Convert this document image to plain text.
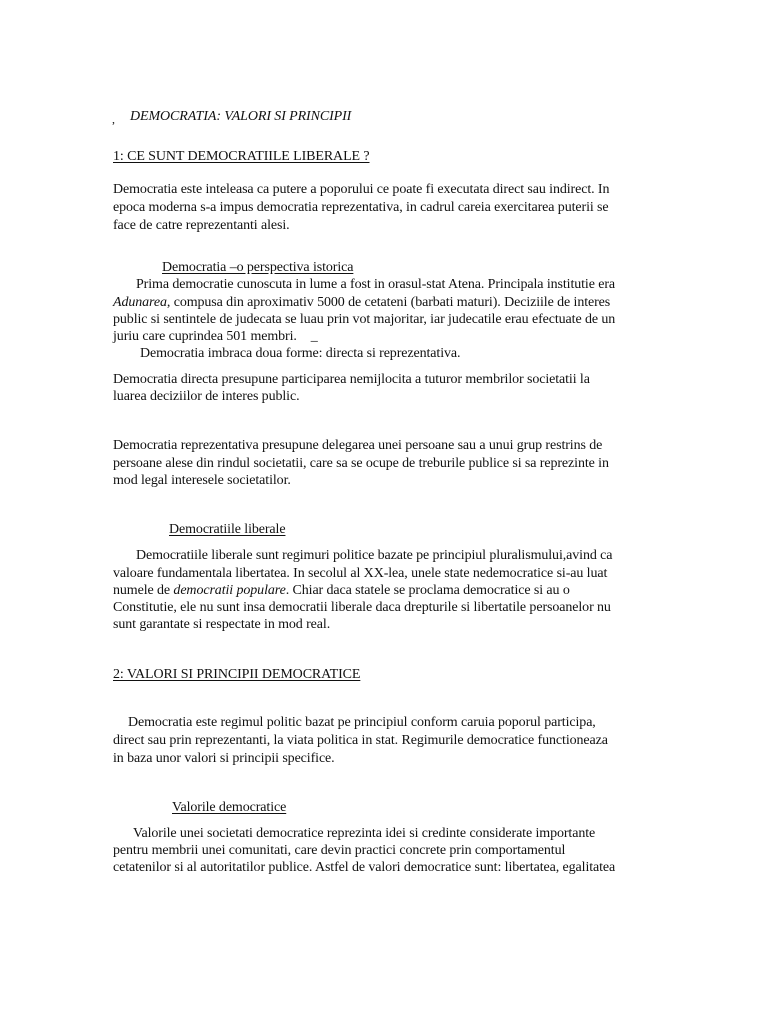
, DEMOCRATIA: VALORI SI PRINCIPII
1: CE SUNT DEMOCRATIILE LIBERALE ?
Democratia este inteleasa ca putere a poporului ce poate fi executata direct sau indirect. In
epoca moderna s-a impus democratia reprezentativa, in cadrul careia exercitarea puterii se
face de catre reprezentanti alesi.
Democratia –o perspectiva istorica
Prima democratie cunoscuta in lume a fost in orasul-stat Atena. Principala institutie era
Adunarea, compusa din aproximativ 5000 de cetateni (barbati maturi). Deciziile de interes
public si sentintele de judecata se luau prin vot majoritar, iar judecatile erau efectuate de un
juriu care cuprindea 501 membri. _
Democratia imbraca doua forme: directa si reprezentativa.
Democratia directa presupune participarea nemijlocita a tuturor membrilor societatii la
luarea deciziilor de interes public.
Democratia reprezentativa presupune delegarea unei persoane sau a unui grup restrins de
persoane alese din rindul societatii, care sa se ocupe de treburile publice si sa reprezinte in
mod legal interesele societatilor.
Democratiile liberale
Democratiile liberale sunt regimuri politice bazate pe principiul pluralismului,avind ca
valoare fundamentala libertatea. In secolul al XX-lea, unele state nedemocratice si-au luat
numele de democratii populare. Chiar daca statele se proclama democratice si au o
Constitutie, ele nu sunt insa democratii liberale daca drepturile si libertatile persoanelor nu
sunt garantate si respectate in mod real.
2: VALORI SI PRINCIPII DEMOCRATICE
Democratia este regimul politic bazat pe principiul conform caruia poporul participa,
direct sau prin reprezentanti, la viata politica in stat. Regimurile democratice functioneaza
in baza unor valori si principii specifice.
Valorile democratice
Valorile unei societati democratice reprezinta idei si credinte considerate importante
pentru membrii unei comunitati, care devin practici concrete prin comportamentul
cetatenilor si al autoritatilor publice. Astfel de valori democratice sunt: libertatea, egalitatea
